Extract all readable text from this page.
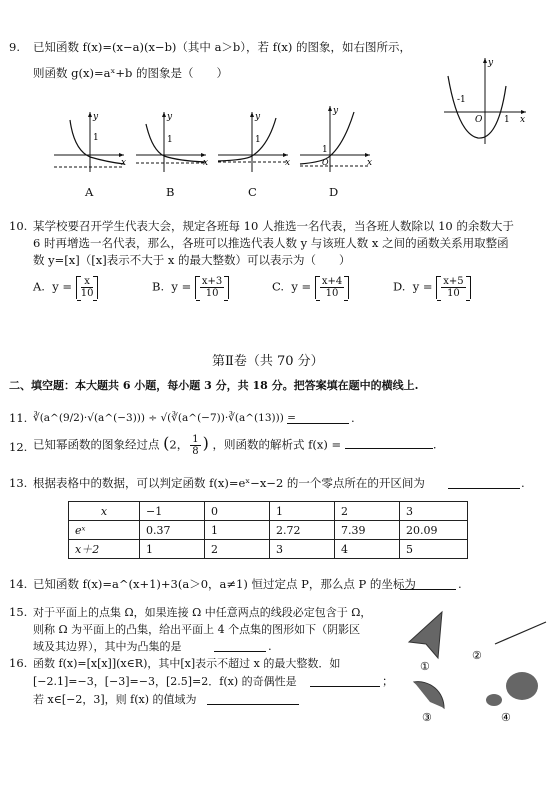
9. 已知函数 f(x)=(x−a)(x−b)（其中 a＞b），若 f(x) 的图象，如右图所示，
则函数 g(x)=aˣ+b 的图象是（　　）
y
x
-1
1
O
y
1
x
A
y
1
x
B
y
1
x
C
y
1
O	x
D
10. 某学校要召开学生代表大会，规定各班每 10 人推选一名代表，当各班人数除以 10 的余数大于
6 时再增选一名代表，那么，各班可以推选代表人数 y 与该班人数 x 之间的函数关系用取整函
数 y=[x]（[x]表示不大于 x 的最大整数）可以表示为（　　）
A. $y = \frac{x}{10}$	B. $y = \frac{x+3}{10}$	C. $y = \frac{x+4}{10}$	D. $y = \frac{x+5}{10}$
第Ⅱ卷（共 70 分）
二、填空题：本大题共 6 小题，每小题 3 分，共 18 分。把答案填在题中的横线上.
11. ∛(a^(9/2)·√(a^(−3))) ÷ √(∛(a^(−7))·∛(a^(13))) =	.
12. 已知幂函数的图象经过点 (2， $\frac{1}{8}$ ) ，则函数的解析式 f(x) =	.
13. 根据表格中的数据，可以判定函数 f(x)=eˣ−x−2 的一个零点所在的开区间为	.
x	−1	0	1	2	3
eˣ	0.37	1	2.72	7.39	20.09
x＋2	1	2	3	4	5
14. 已知函数 f(x)=a^(x+1)+3(a＞0，a≠1) 恒过定点 P，那么点 P 的坐标为	.
15. 对于平面上的点集 Ω，如果连接 Ω 中任意两点的线段必定包含于 Ω，
则称 Ω 为平面上的凸集，给出平面上 4 个点集的图形如下（阴影区
域及其边界），其中为凸集的是	.
①
②
③	④
16. 函数 f(x)=[x[x]](x∈R)，其中[x]表示不超过 x 的最大整数．如
[−2.1]=−3，[−3]=−3，[2.5]=2．f(x) 的奇偶性是	；
若 x∈[−2，3]，则 f(x) 的值域为
